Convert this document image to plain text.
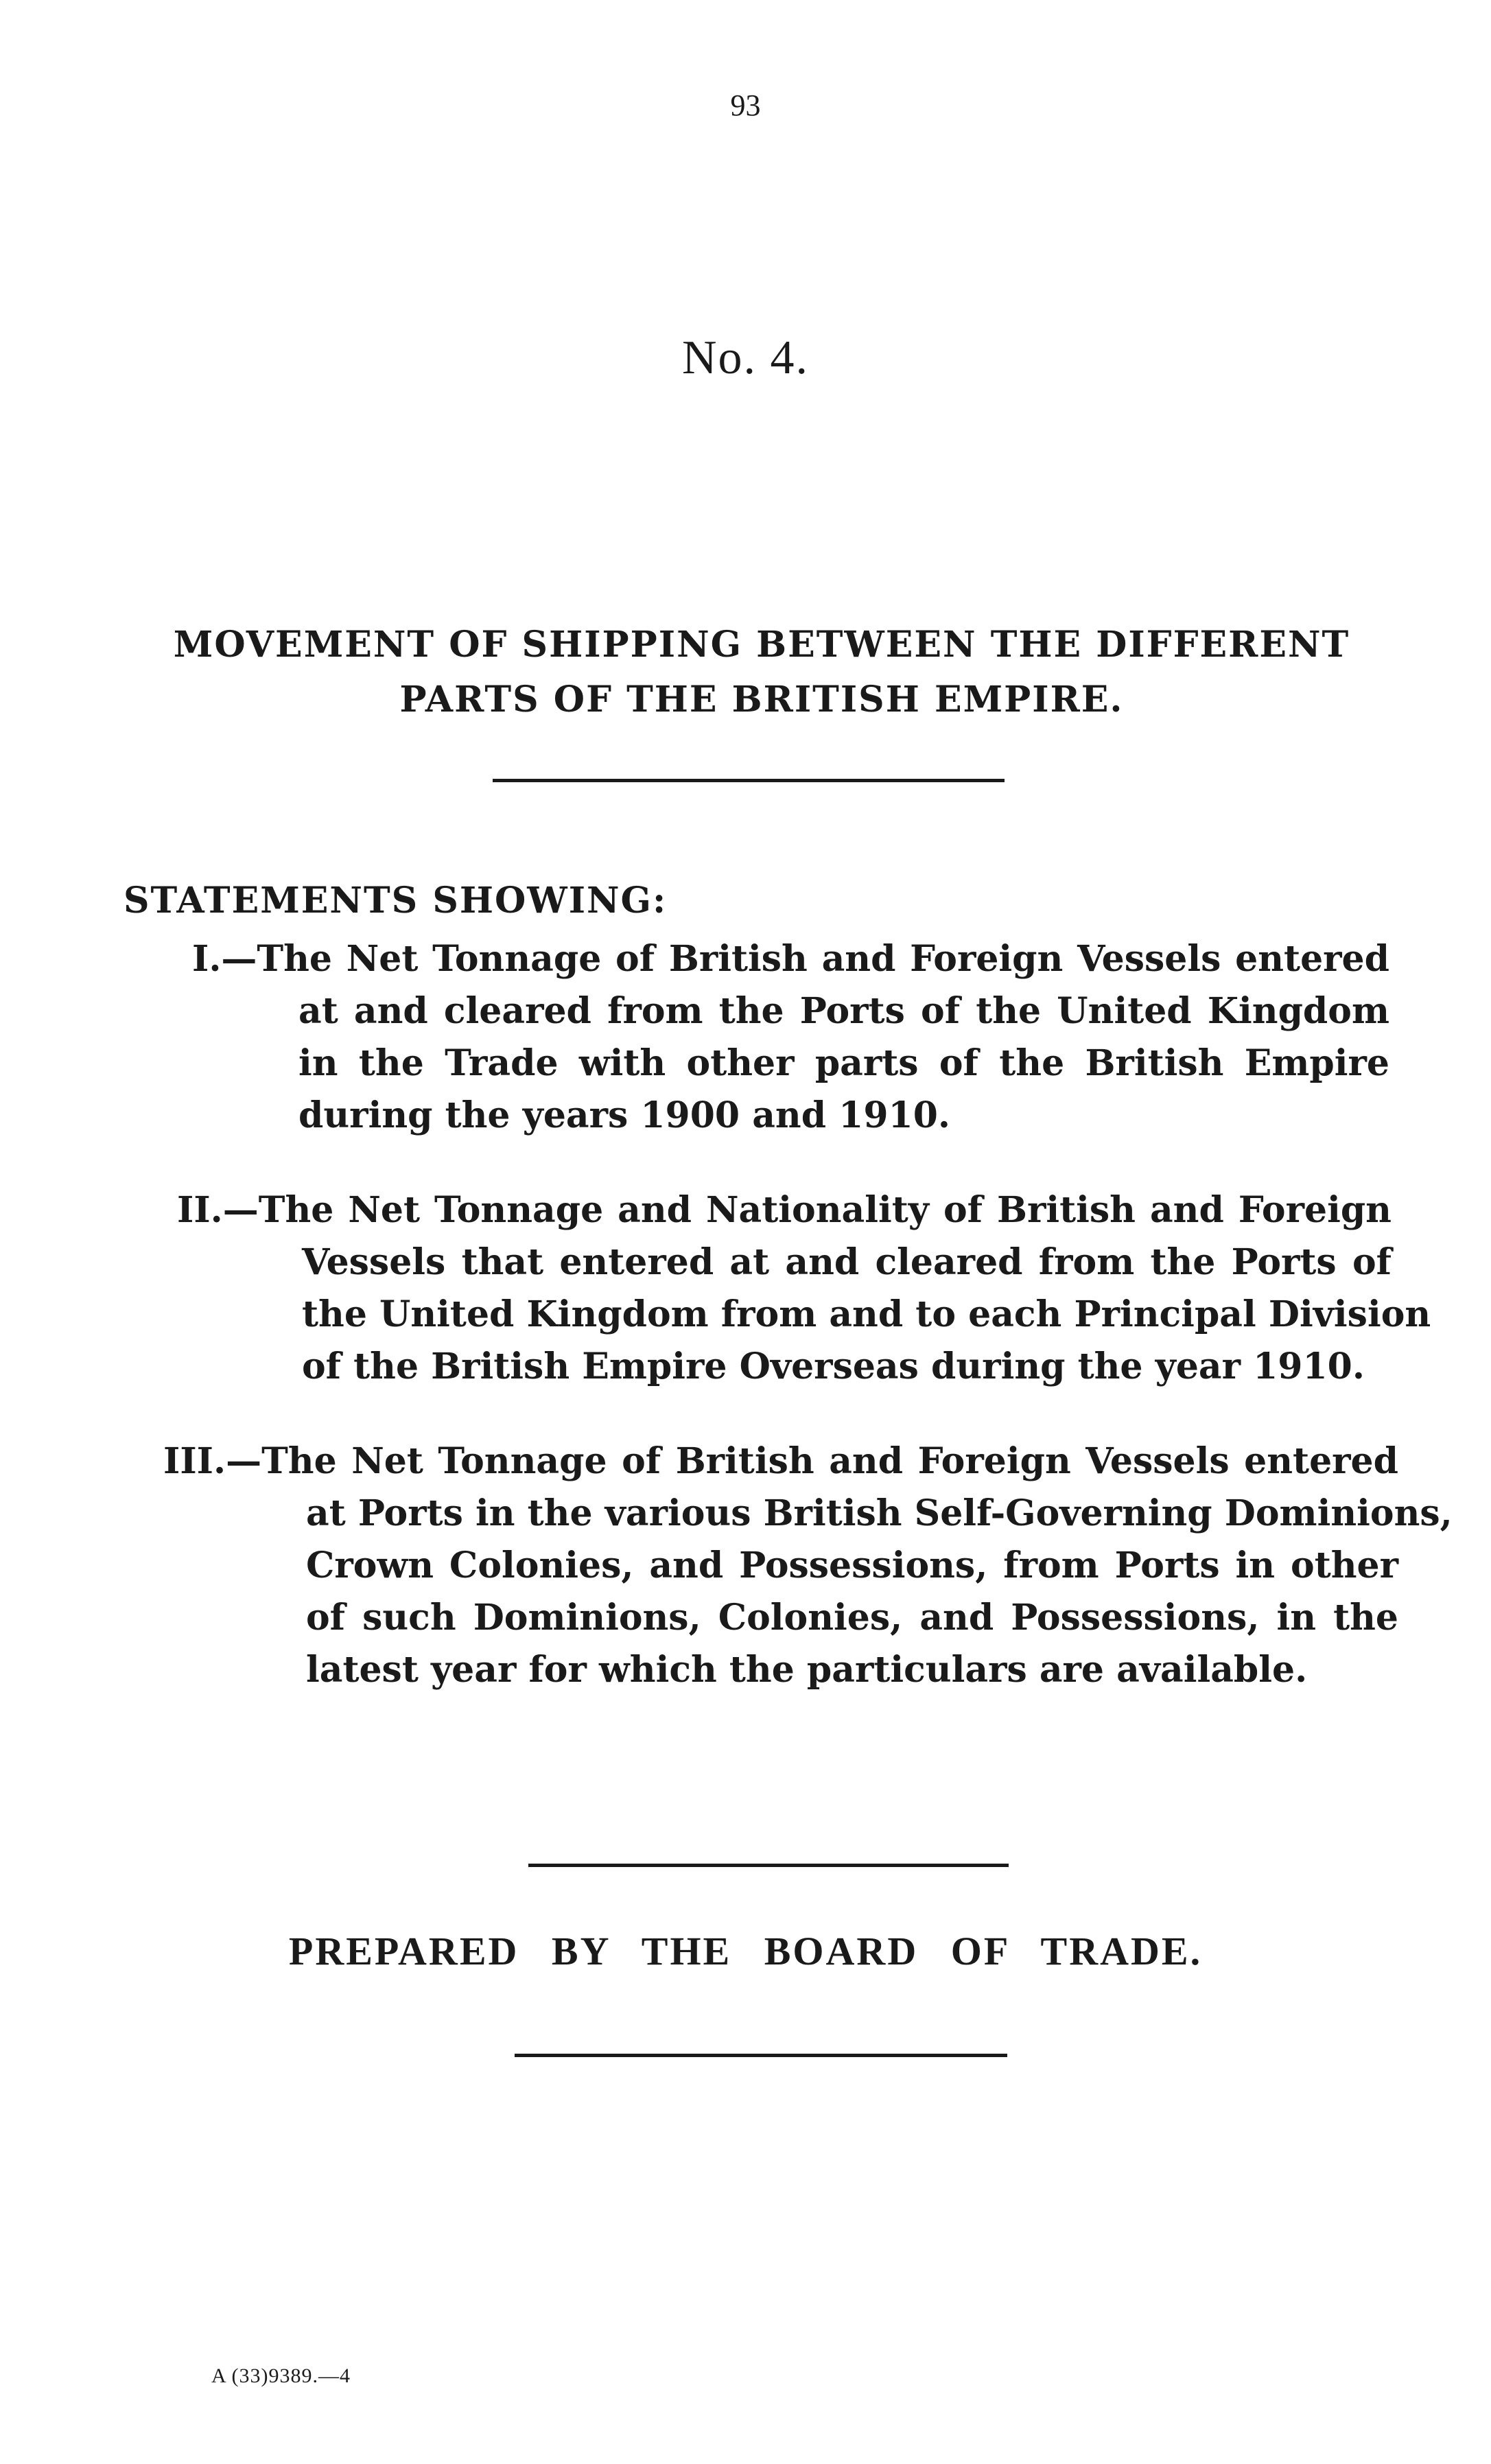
93
No. 4.
MOVEMENT OF SHIPPING BETWEEN THE DIFFERENT
PARTS OF THE BRITISH EMPIRE.
STATEMENTS SHOWING:
I.—The Net Tonnage of British and Foreign Vessels entered
at and cleared from the Ports of the United Kingdom
in the Trade with other parts of the British Empire
during the years 1900 and 1910.
II.—The Net Tonnage and Nationality of British and Foreign
Vessels that entered at and cleared from the Ports of
the United Kingdom from and to each Principal Division
of the British Empire Overseas during the year 1910.
III.—The Net Tonnage of British and Foreign Vessels entered
at Ports in the various British Self-Governing Dominions,
Crown Colonies, and Possessions, from Ports in other
of such Dominions, Colonies, and Possessions, in the
latest year for which the particulars are available.
PREPARED BY THE BOARD OF TRADE.
A (33)9389.—4
